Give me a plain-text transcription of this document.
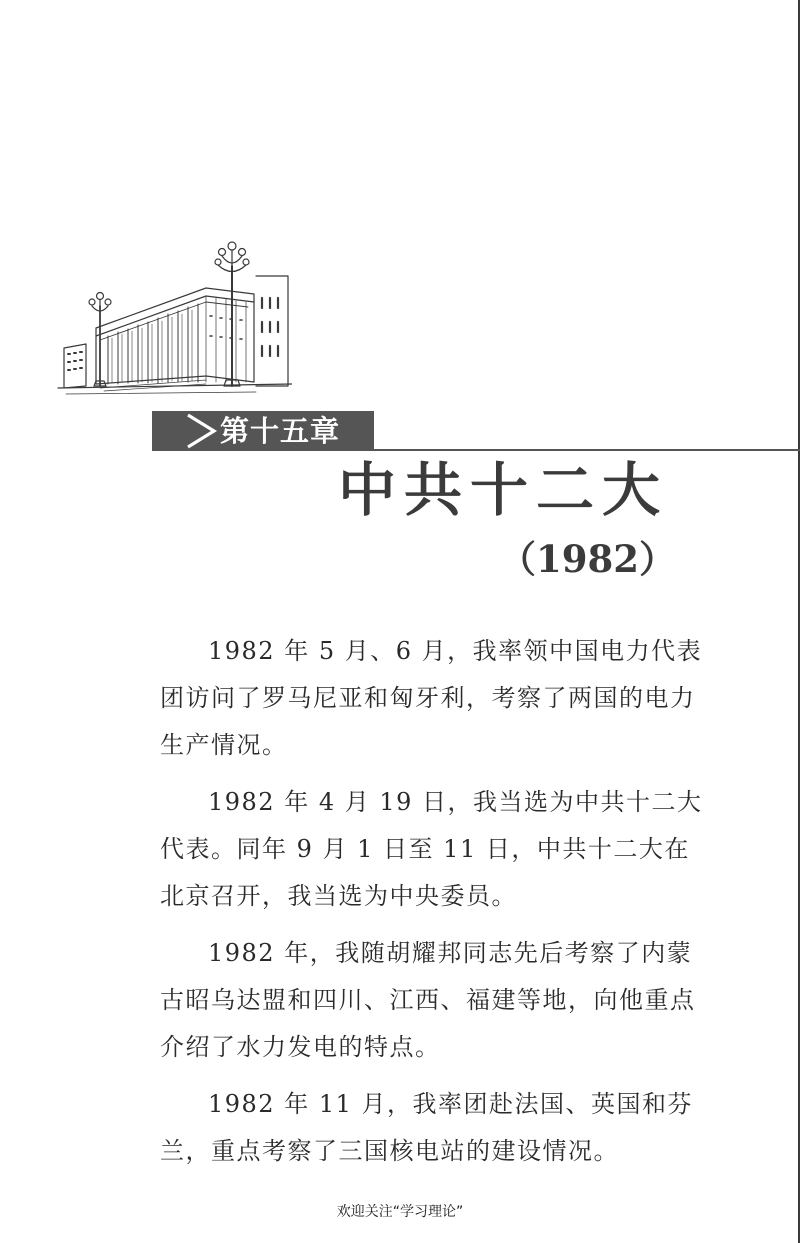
第十五章
中共十二大
（1982）

1982 年 5 月、6 月，我率领中国电力代表团访问了罗马尼亚和匈牙利，考察了两国的电力生产情况。

1982 年 4 月 19 日，我当选为中共十二大代表。同年 9 月 1 日至 11 日，中共十二大在北京召开，我当选为中央委员。

1982 年，我随胡耀邦同志先后考察了内蒙古昭乌达盟和四川、江西、福建等地，向他重点介绍了水力发电的特点。

1982 年 11 月，我率团赴法国、英国和芬兰，重点考察了三国核电站的建设情况。

欢迎关注“学习理论”
